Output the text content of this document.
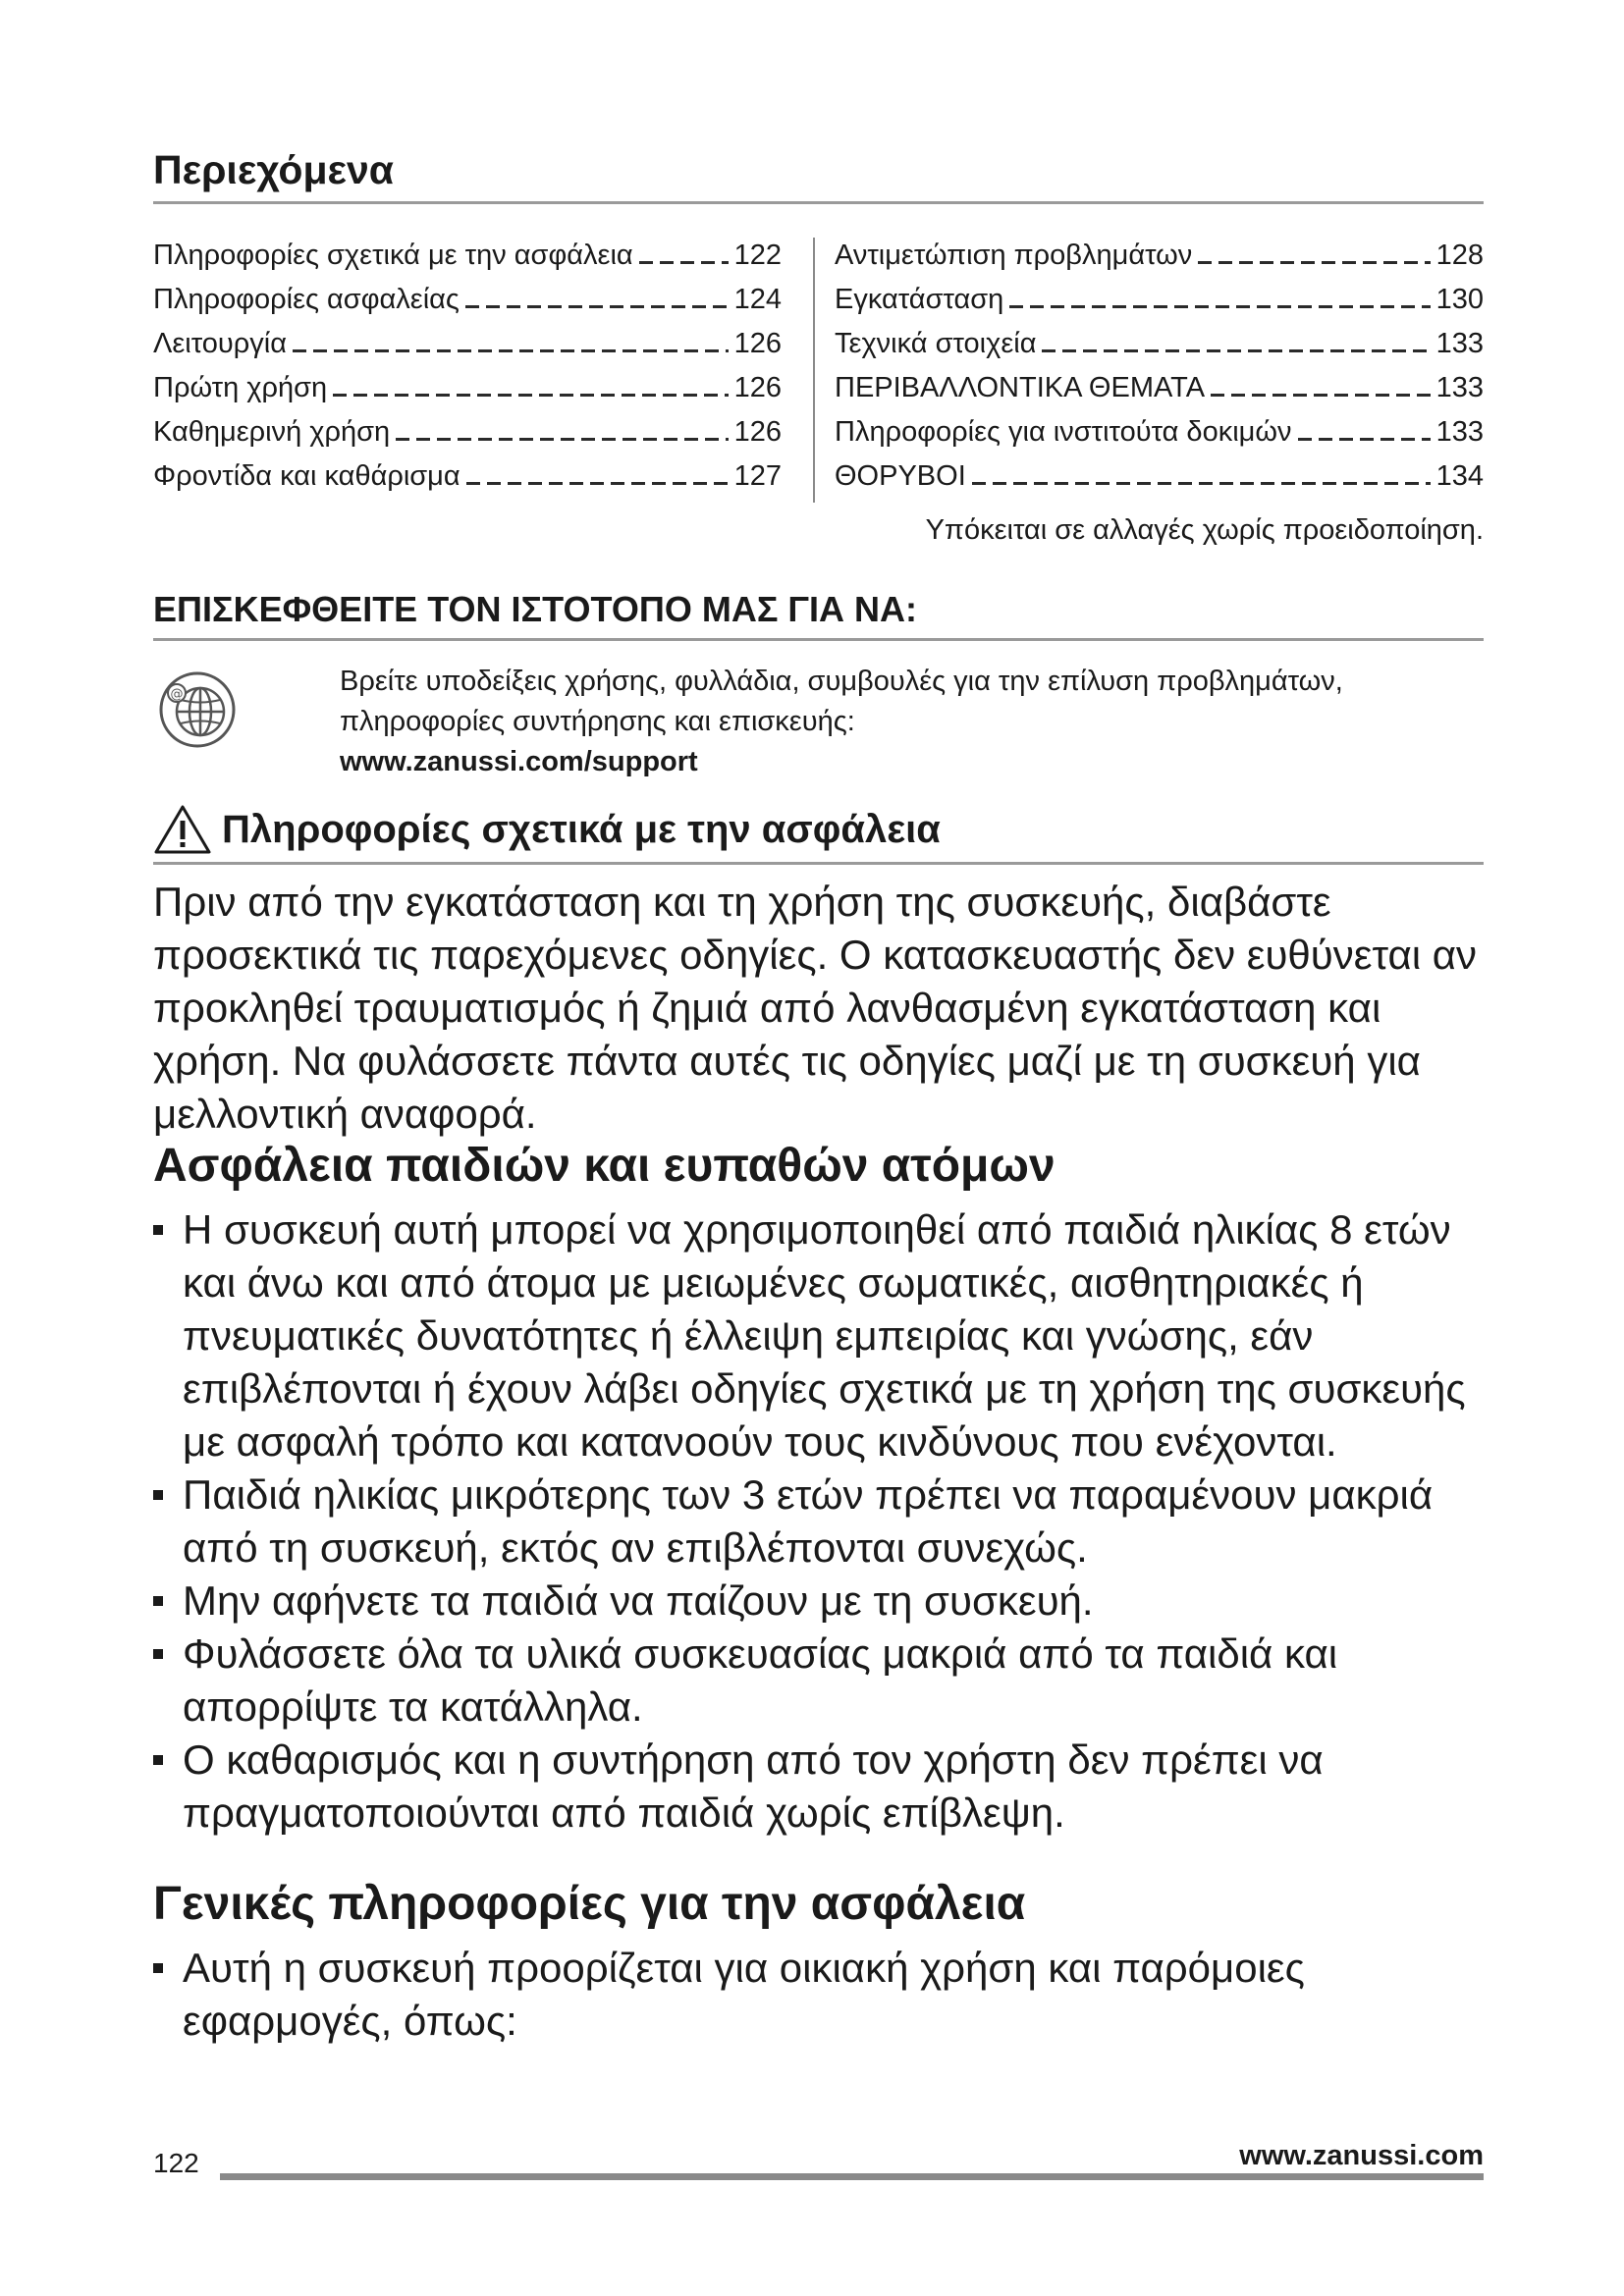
Περιεχόμενα
Πληροφορίες σχετικά με την ασφάλεια	122
Πληροφορίες ασφαλείας	124
Λειτουργία	126
Πρώτη χρήση	126
Καθημερινή χρήση	126
Φροντίδα και καθάρισμα	127
Αντιμετώπιση προβλημάτων	128
Εγκατάσταση	130
Τεχνικά στοιχεία	133
ΠΕΡΙΒΑΛΛΟΝΤΙΚΑ ΘΕΜΑΤΑ	133
Πληροφορίες για ινστιτούτα δοκιμών	133
ΘΟΡΥΒΟΙ	134
Υπόκειται σε αλλαγές χωρίς προειδοποίηση.
ΕΠΙΣΚΕΦΘΕΙΤΕ ΤΟΝ ΙΣΤΟΤΟΠΟ ΜΑΣ ΓΙΑ ΝΑ:
@	Βρείτε υποδείξεις χρήσης, φυλλάδια, συμβουλές για την επίλυση προβλημάτων, πληροφορίες συντήρησης και επισκευής:
www.zanussi.com/support
Πληροφορίες σχετικά με την ασφάλεια
Πριν από την εγκατάσταση και τη χρήση της συσκευής, διαβάστε προσεκτικά τις παρεχόμενες οδηγίες. Ο κατασκευαστής δεν ευθύνεται αν προκληθεί τραυματισμός ή ζημιά από λανθασμένη εγκατάσταση και χρήση. Να φυλάσσετε πάντα αυτές τις οδηγίες μαζί με τη συσκευή για μελλοντική αναφορά.
Ασφάλεια παιδιών και ευπαθών ατόμων
Η συσκευή αυτή μπορεί να χρησιμοποιηθεί από παιδιά ηλικίας 8 ετών και άνω και από άτομα με μειωμένες σωματικές, αισθητηριακές ή πνευματικές δυνατότητες ή έλλειψη εμπειρίας και γνώσης, εάν επιβλέπονται ή έχουν λάβει οδηγίες σχετικά με τη χρήση της συσκευής με ασφαλή τρόπο και κατανοούν τους κινδύνους που ενέχονται.
Παιδιά ηλικίας μικρότερης των 3 ετών πρέπει να παραμένουν μακριά από τη συσκευή, εκτός αν επιβλέπονται συνεχώς.
Μην αφήνετε τα παιδιά να παίζουν με τη συσκευή.
Φυλάσσετε όλα τα υλικά συσκευασίας μακριά από τα παιδιά και απορρίψτε τα κατάλληλα.
Ο καθαρισμός και η συντήρηση από τον χρήστη δεν πρέπει να πραγματοποιούνται από παιδιά χωρίς επίβλεψη.
Γενικές πληροφορίες για την ασφάλεια
Αυτή η συσκευή προορίζεται για οικιακή χρήση και παρόμοιες εφαρμογές, όπως:
122	www.zanussi.com
